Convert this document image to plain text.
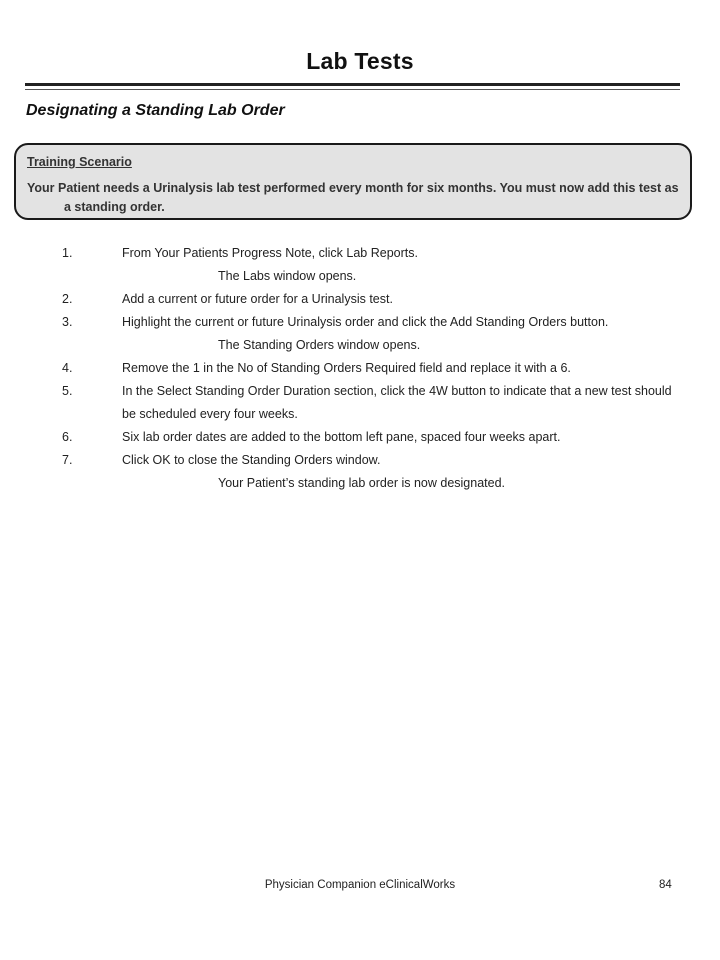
Lab Tests
Designating a Standing Lab Order
Training Scenario
Your Patient needs a Urinalysis lab test performed every month for six months. You must now add this test as a standing order.
1.	From Your Patients Progress Note, click Lab Reports.
The Labs window opens.
2.	Add a current or future order for a Urinalysis test.
3.	Highlight the current or future Urinalysis order and click the Add Standing Orders button.
The Standing Orders window opens.
4.	Remove the 1 in the No of Standing Orders Required field and replace it with a 6.
5.	In the Select Standing Order Duration section, click the 4W button to indicate that a new test should be scheduled every four weeks.
6.	Six lab order dates are added to the bottom left pane, spaced four weeks apart.
7.	Click OK to close the Standing Orders window.
Your Patient’s standing lab order is now designated.
Physician Companion eClinicalWorks	84
